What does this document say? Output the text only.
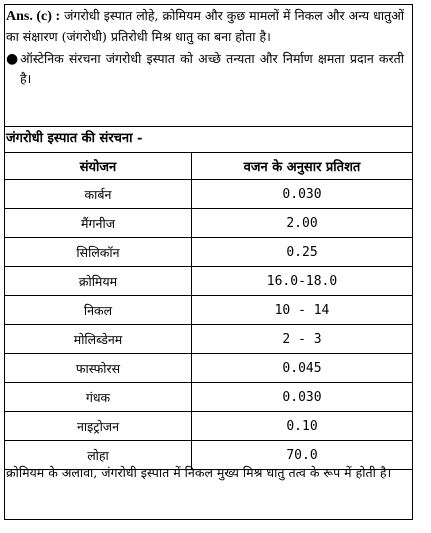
Ans. (c) : जंगरोधी इस्पात लोहे, क्रोमियम और कुछ मामलों में निकल और अन्य धातुओं का संक्षारण (जंगरोधी) प्रतिरोधी मिश्र धातु का बना होता है।
● ऑस्टेनिक संरचना जंगरोधी इस्पात को अच्छे तन्यता और निर्माण क्षमता प्रदान करती है।
जंगरोधी इस्पात की संरचना -
संयोजन	वजन के अनुसार प्रतिशत
कार्बन	0.030
मैंगनीज	2.00
सिलिकॉन	0.25
क्रोमियम	16.0-18.0
निकल	10 - 14
मोलिब्डेनम	2 - 3
फास्फोरस	0.045
गंधक	0.030
नाइट्रोजन	0.10
लोहा	70.0
क्रोमियम के अलावा, जंगरोधी इस्पात में निकल मुख्य मिश्र धातु तत्व के रूप में होती है।
